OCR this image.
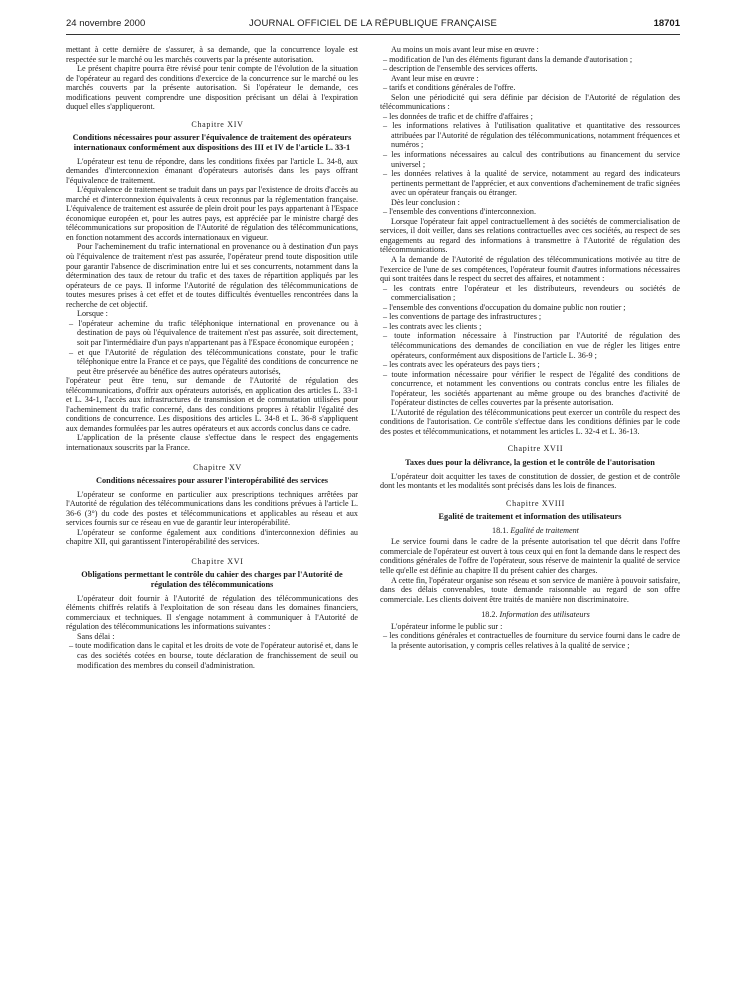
24 novembre 2000	JOURNAL OFFICIEL DE LA RÉPUBLIQUE FRANÇAISE	18701

mettant à cette dernière de s'assurer, à sa demande, que la concurrence loyale est respectée sur le marché ou les marchés couverts par la présente autorisation.

Le présent chapitre pourra être révisé pour tenir compte de l'évolution de la situation de l'opérateur au regard des conditions d'exercice de la concurrence sur le marché ou les marchés couverts par la présente autorisation. Si l'opérateur le demande, ces modifications peuvent comprendre une disposition précisant un délai à l'expiration duquel elles s'appliqueront.

Chapitre XIV

Conditions nécessaires pour assurer l'équivalence de traitement des opérateurs internationaux conformément aux dispositions des III et IV de l'article L. 33-1

L'opérateur est tenu de répondre, dans les conditions fixées par l'article L. 34-8, aux demandes d'interconnexion émanant d'opérateurs autorisés dans les pays offrant l'équivalence de traitement.

L'équivalence de traitement se traduit dans un pays par l'existence de droits d'accès au marché et d'interconnexion équivalents à ceux reconnus par la réglementation française. L'équivalence de traitement est assurée de plein droit pour les pays appartenant à l'Espace économique européen et, pour les autres pays, est appréciée par le ministre chargé des télécommunications sur proposition de l'Autorité de régulation des télécommunications, en fonction notamment des accords internationaux en vigueur.

Pour l'acheminement du trafic international en provenance ou à destination d'un pays où l'équivalence de traitement n'est pas assurée, l'opérateur prend toute disposition utile pour garantir l'absence de discrimination entre lui et ses concurrents, notamment dans la détermination des taux de retour du trafic et des taxes de répartition appliqués par les opérateurs de ce pays. Il informe l'Autorité de régulation des télécommunications de toutes mesures prises à cet effet et de toutes difficultés éventuelles rencontrées dans la recherche de cet objectif.

Lorsque :

– l'opérateur achemine du trafic téléphonique international en provenance ou à destination de pays où l'équivalence de traitement n'est pas assurée, soit directement, soit par l'intermédiaire d'un pays n'appartenant pas à l'Espace économique européen ;

– et que l'Autorité de régulation des télécommunications constate, pour le trafic téléphonique entre la France et ce pays, que l'égalité des conditions de concurrence ne peut être préservée au bénéfice des autres opérateurs autorisés,

l'opérateur peut être tenu, sur demande de l'Autorité de régulation des télécommunications, d'offrir aux opérateurs autorisés, en application des articles L. 33-1 et L. 34-1, l'accès aux infrastructures de transmission et de commutation utilisées pour l'acheminement du trafic concerné, dans des conditions propres à rétablir l'égalité des conditions de concurrence. Les dispositions des articles L. 34-8 et L. 36-8 s'appliquent aux demandes formulées par les autres opérateurs et aux accords conclus dans ce cadre.

L'application de la présente clause s'effectue dans le respect des engagements internationaux souscrits par la France.

Chapitre XV

Conditions nécessaires pour assurer l'interopérabilité des services

L'opérateur se conforme en particulier aux prescriptions techniques arrêtées par l'Autorité de régulation des télécommunications dans les conditions prévues à l'article L. 36-6 (3°) du code des postes et télécommunications et applicables au réseau et aux services fournis sur ce réseau en vue de garantir leur interopérabilité.

L'opérateur se conforme également aux conditions d'interconnexion définies au chapitre XII, qui garantissent l'interopérabilité des services.

Chapitre XVI

Obligations permettant le contrôle du cahier des charges par l'Autorité de régulation des télécommunications

L'opérateur doit fournir à l'Autorité de régulation des télécommunications des éléments chiffrés relatifs à l'exploitation de son réseau dans les domaines financiers, commerciaux et techniques. Il s'engage notamment à communiquer à l'Autorité de régulation des télécommunications les informations suivantes :

Sans délai :

– toute modification dans le capital et les droits de vote de l'opérateur autorisé et, dans le cas des sociétés cotées en bourse, toute déclaration de franchissement de seuil ou modification des membres du conseil d'administration.

Au moins un mois avant leur mise en œuvre :

– modification de l'un des éléments figurant dans la demande d'autorisation ;

– description de l'ensemble des services offerts.

Avant leur mise en œuvre :

– tarifs et conditions générales de l'offre.

Selon une périodicité qui sera définie par décision de l'Autorité de régulation des télécommunications :

– les données de trafic et de chiffre d'affaires ;

– les informations relatives à l'utilisation qualitative et quantitative des ressources attribuées par l'Autorité de régulation des télécommunications, notamment fréquences et numéros ;

– les informations nécessaires au calcul des contributions au financement du service universel ;

– les données relatives à la qualité de service, notamment au regard des indicateurs pertinents permettant de l'apprécier, et aux conventions d'acheminement de trafic signées avec un opérateur français ou étranger.

Dès leur conclusion :

– l'ensemble des conventions d'interconnexion.

Lorsque l'opérateur fait appel contractuellement à des sociétés de commercialisation de services, il doit veiller, dans ses relations contractuelles avec ces sociétés, au respect de ses engagements au regard des informations à transmettre à l'Autorité de régulation des télécommunications.

A la demande de l'Autorité de régulation des télécommunications motivée au titre de l'exercice de l'une de ses compétences, l'opérateur fournit d'autres informations nécessaires qui sont traitées dans le respect du secret des affaires, et notamment :

– les contrats entre l'opérateur et les distributeurs, revendeurs ou sociétés de commercialisation ;

– l'ensemble des conventions d'occupation du domaine public non routier ;

– les conventions de partage des infrastructures ;

– les contrats avec les clients ;

– toute information nécessaire à l'instruction par l'Autorité de régulation des télécommunications des demandes de conciliation en vue de régler les litiges entre opérateurs, conformément aux dispositions de l'article L. 36-9 ;

– les contrats avec les opérateurs des pays tiers ;

– toute information nécessaire pour vérifier le respect de l'égalité des conditions de concurrence, et notamment les conventions ou contrats conclus entre les filiales de l'opérateur, les sociétés appartenant au même groupe ou des branches d'activité de l'opérateur distinctes de celles couvertes par la présente autorisation.

L'Autorité de régulation des télécommunications peut exercer un contrôle du respect des conditions de l'autorisation. Ce contrôle s'effectue dans les conditions définies par le code des postes et télécommunications, et notamment les articles L. 32-4 et L. 36-13.

Chapitre XVII

Taxes dues pour la délivrance, la gestion et le contrôle de l'autorisation

L'opérateur doit acquitter les taxes de constitution de dossier, de gestion et de contrôle dont les montants et les modalités sont précisés dans les lois de finances.

Chapitre XVIII

Egalité de traitement et information des utilisateurs

18.1. Egalité de traitement

Le service fourni dans le cadre de la présente autorisation tel que décrit dans l'offre commerciale de l'opérateur est ouvert à tous ceux qui en font la demande dans le respect des conditions générales de l'offre de l'opérateur, sous réserve de maintenir la qualité de service telle qu'elle est définie au chapitre II du présent cahier des charges.

A cette fin, l'opérateur organise son réseau et son service de manière à pouvoir satisfaire, dans des délais convenables, toute demande raisonnable au regard de son offre commerciale. Les clients doivent être traités de manière non discriminatoire.

18.2. Information des utilisateurs

L'opérateur informe le public sur :

– les conditions générales et contractuelles de fourniture du service fourni dans le cadre de la présente autorisation, y compris celles relatives à la qualité de service ;
